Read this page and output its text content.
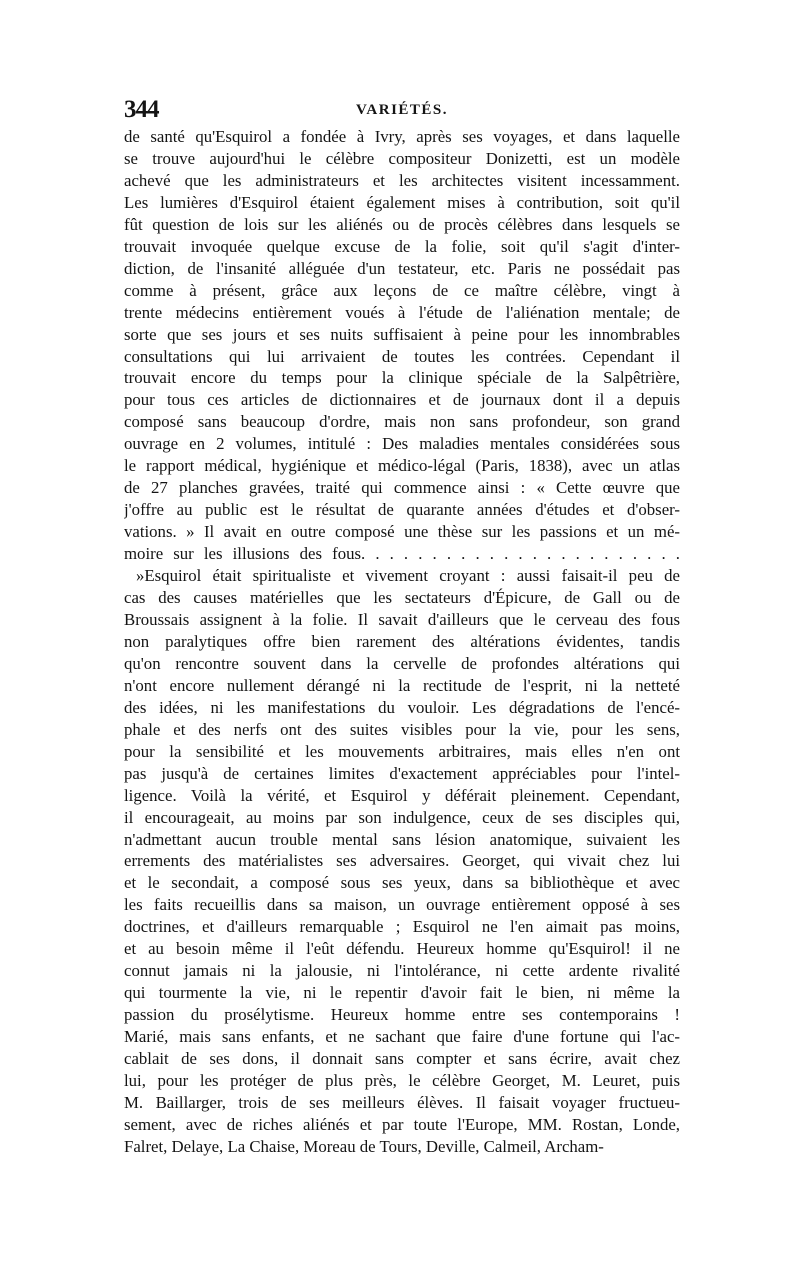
344	VARIÉTÉS.
de santé qu'Esquirol a fondée à Ivry, après ses voyages, et dans laquelle
se trouve aujourd'hui le célèbre compositeur Donizetti, est un modèle
achevé que les administrateurs et les architectes visitent incessamment.
Les lumières d'Esquirol étaient également mises à contribution, soit qu'il
fût question de lois sur les aliénés ou de procès célèbres dans lesquels se
trouvait invoquée quelque excuse de la folie, soit qu'il s'agit d'inter-
diction, de l'insanité alléguée d'un testateur, etc. Paris ne possédait pas
comme à présent, grâce aux leçons de ce maître célèbre, vingt à
trente médecins entièrement voués à l'étude de l'aliénation mentale; de
sorte que ses jours et ses nuits suffisaient à peine pour les innombrables
consultations qui lui arrivaient de toutes les contrées. Cependant il
trouvait encore du temps pour la clinique spéciale de la Salpêtrière,
pour tous ces articles de dictionnaires et de journaux dont il a depuis
composé sans beaucoup d'ordre, mais non sans profondeur, son grand
ouvrage en 2 volumes, intitulé : Des maladies mentales considérées sous
le rapport médical, hygiénique et médico-légal (Paris, 1838), avec un atlas
de 27 planches gravées, traité qui commence ainsi : « Cette œuvre que
j'offre au public est le résultat de quarante années d'études et d'obser-
vations. » Il avait en outre composé une thèse sur les passions et un mé-
moire sur les illusions des fous. . . . . . . . . . . . . . . . . . . . . . .
»Esquirol était spiritualiste et vivement croyant : aussi faisait-il peu de
cas des causes matérielles que les sectateurs d'Épicure, de Gall ou de
Broussais assignent à la folie. Il savait d'ailleurs que le cerveau des fous
non paralytiques offre bien rarement des altérations évidentes, tandis
qu'on rencontre souvent dans la cervelle de profondes altérations qui
n'ont encore nullement dérangé ni la rectitude de l'esprit, ni la netteté
des idées, ni les manifestations du vouloir. Les dégradations de l'encé-
phale et des nerfs ont des suites visibles pour la vie, pour les sens,
pour la sensibilité et les mouvements arbitraires, mais elles n'en ont
pas jusqu'à de certaines limites d'exactement appréciables pour l'intel-
ligence. Voilà la vérité, et Esquirol y déférait pleinement. Cependant,
il encourageait, au moins par son indulgence, ceux de ses disciples qui,
n'admettant aucun trouble mental sans lésion anatomique, suivaient les
errements des matérialistes ses adversaires. Georget, qui vivait chez lui
et le secondait, a composé sous ses yeux, dans sa bibliothèque et avec
les faits recueillis dans sa maison, un ouvrage entièrement opposé à ses
doctrines, et d'ailleurs remarquable ; Esquirol ne l'en aimait pas moins,
et au besoin même il l'eût défendu. Heureux homme qu'Esquirol! il ne
connut jamais ni la jalousie, ni l'intolérance, ni cette ardente rivalité
qui tourmente la vie, ni le repentir d'avoir fait le bien, ni même la
passion du prosélytisme. Heureux homme entre ses contemporains !
Marié, mais sans enfants, et ne sachant que faire d'une fortune qui l'ac-
cablait de ses dons, il donnait sans compter et sans écrire, avait chez
lui, pour les protéger de plus près, le célèbre Georget, M. Leuret, puis
M. Baillarger, trois de ses meilleurs élèves. Il faisait voyager fructueu-
sement, avec de riches aliénés et par toute l'Europe, MM. Rostan, Londe,
Falret, Delaye, La Chaise, Moreau de Tours, Deville, Calmeil, Archam-
